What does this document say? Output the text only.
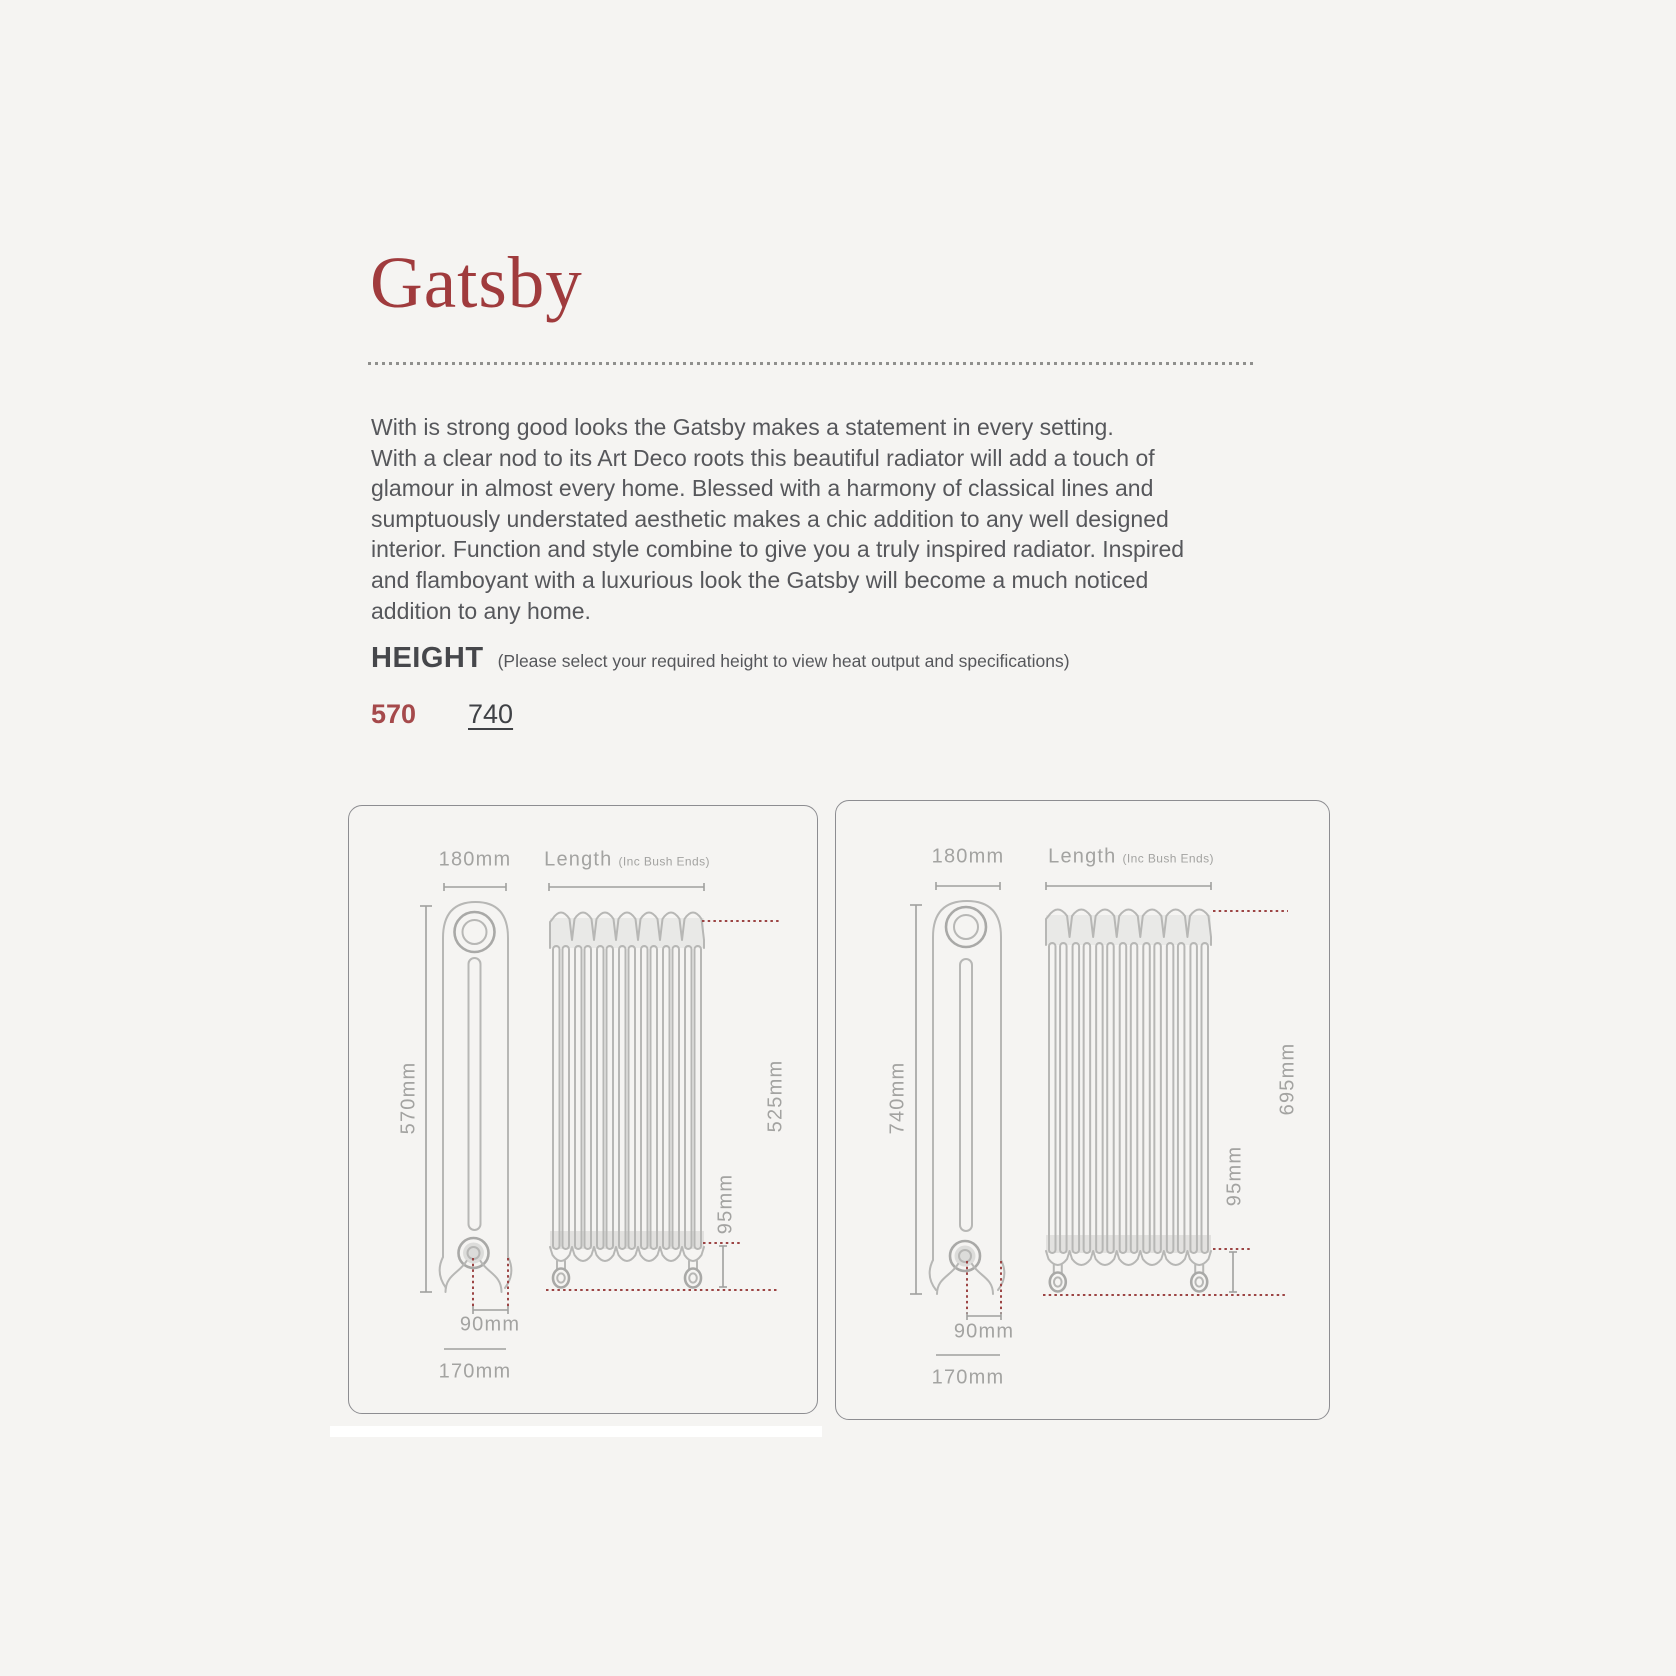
Gatsby
With is strong good looks the Gatsby makes a statement in every setting.
With a clear nod to its Art Deco roots this beautiful radiator will add a touch of
glamour in almost every home. Blessed with a harmony of classical lines and
sumptuously understated aesthetic makes a chic addition to any well designed
interior. Function and style combine to give you a truly inspired radiator. Inspired
and flamboyant with a luxurious look the Gatsby will become a much noticed
addition to any home.
HEIGHT (Please select your required height to view heat output and specifications)
570 740
180mm Length (Inc Bush Ends)
570mm	525mm
95mm
90mm
170mm
180mm Length (Inc Bush Ends)
740mm	695mm
95mm
90mm
170mm
